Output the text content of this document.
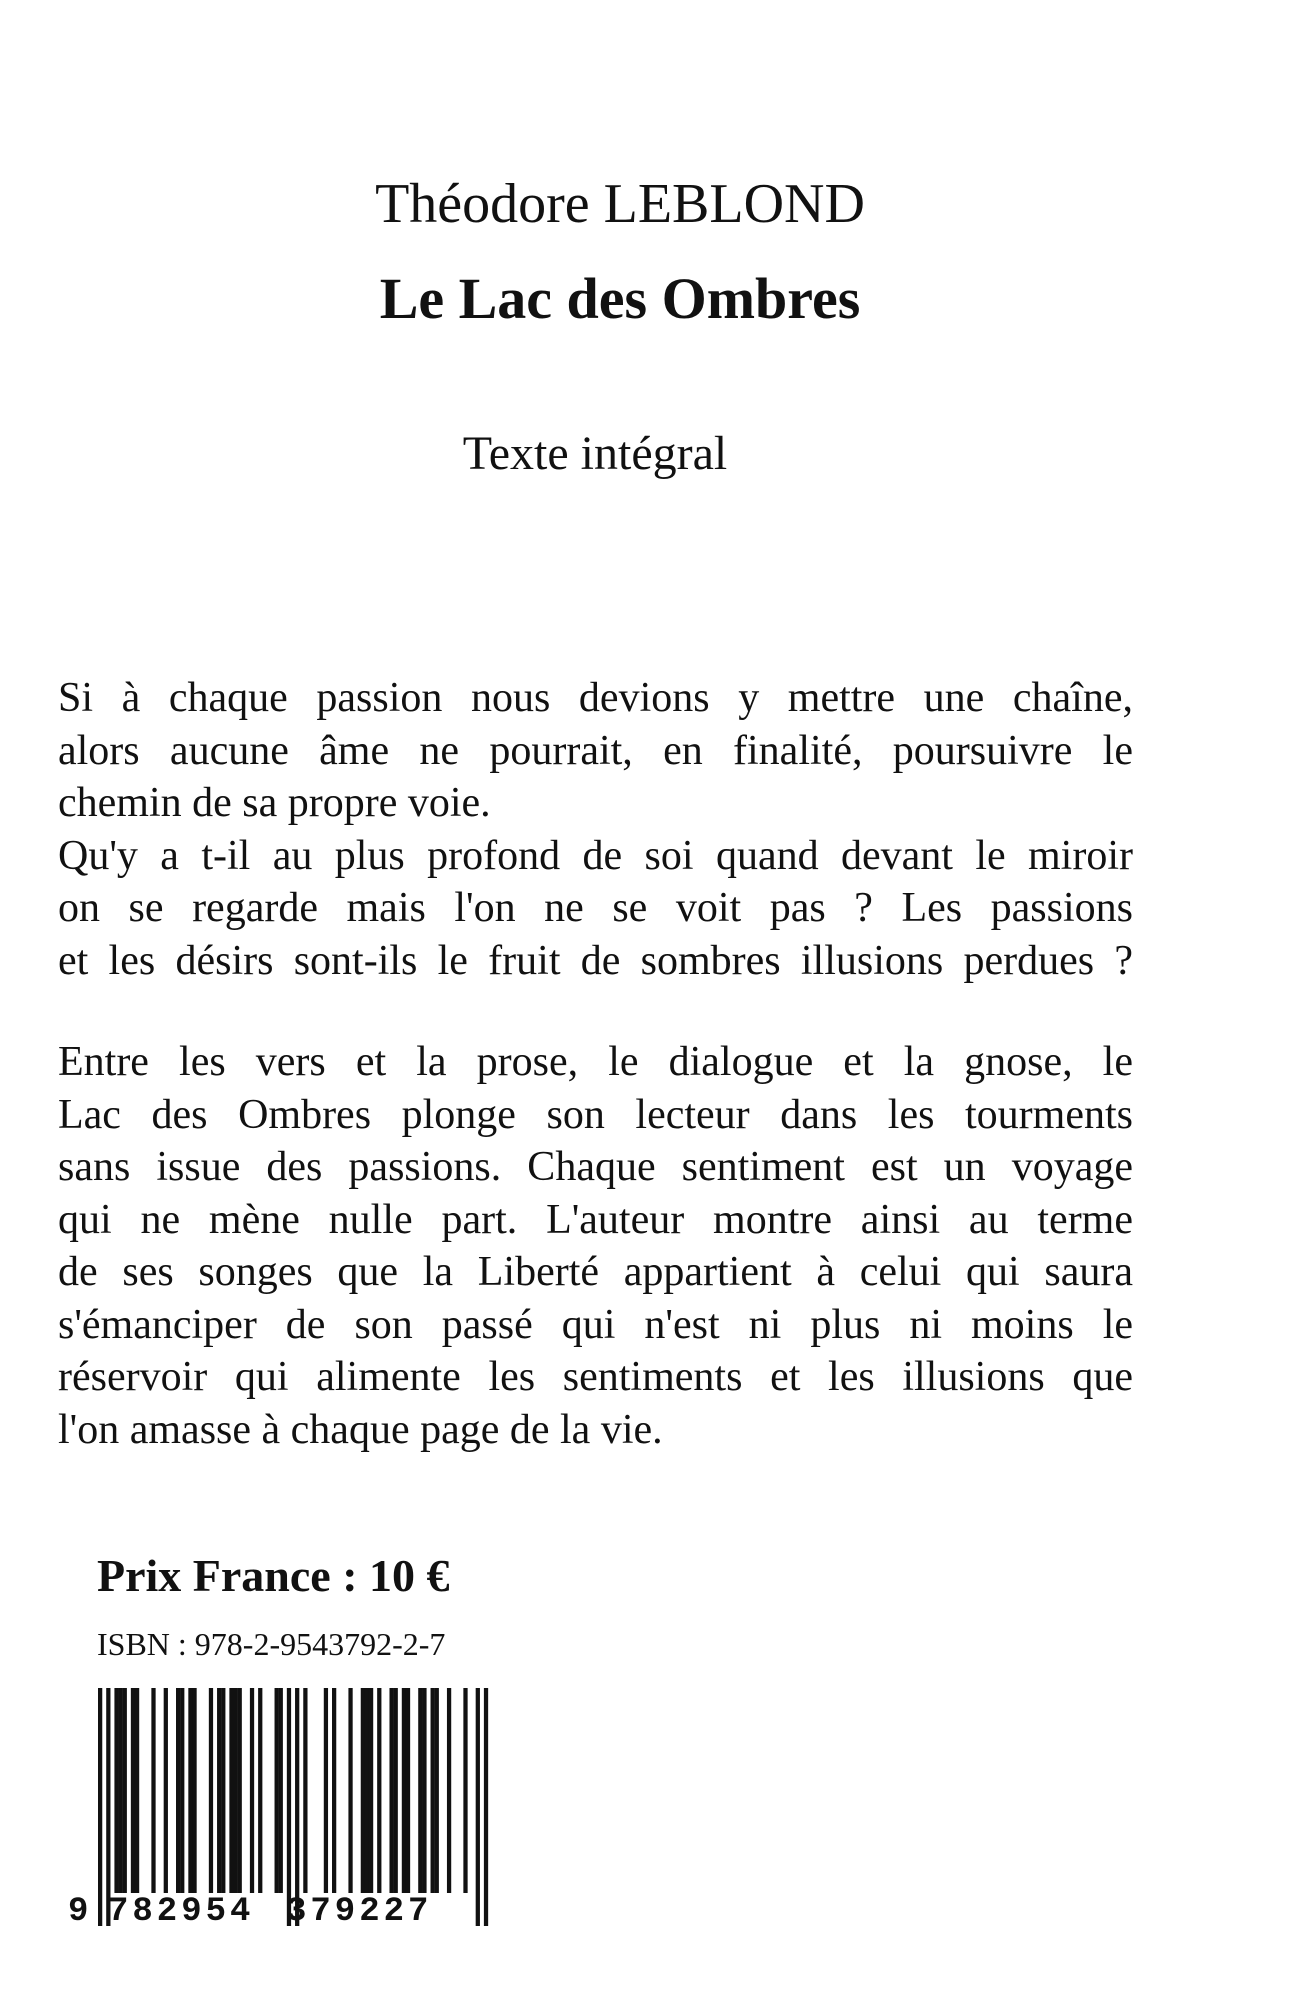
Théodore LEBLOND
Le Lac des Ombres
Texte intégral
Si à chaque passion nous devions y mettre une chaîne,
alors aucune âme ne pourrait, en finalité, poursuivre le
chemin de sa propre voie.
Qu'y a t-il au plus profond de soi quand devant le miroir
on se regarde mais l'on ne se voit pas ? Les passions
et les désirs sont-ils le fruit de sombres illusions perdues ?
Entre les vers et la prose, le dialogue et la gnose, le
Lac des Ombres plonge son lecteur dans les tourments
sans issue des passions. Chaque sentiment est un voyage
qui ne mène nulle part. L'auteur montre ainsi au terme
de ses songes que la Liberté appartient à celui qui saura
s'émanciper de son passé qui n'est ni plus ni moins le
réservoir qui alimente les sentiments et les illusions que
l'on amasse à chaque page de la vie.
Prix France : 10 €
ISBN : 978-2-9543792-2-7
9 782954 379227
